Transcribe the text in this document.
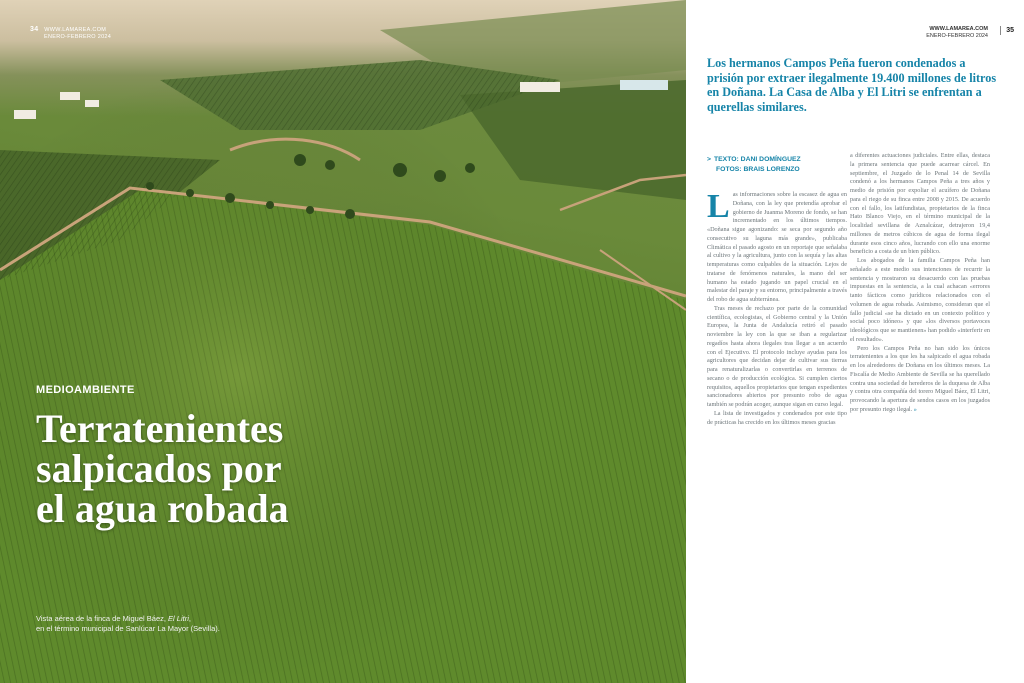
34 WWW.LAMAREA.COM
ENERO-FEBRERO 2024
MEDIOAMBIENTE
Terratenientes
salpicados por
el agua robada
Vista aérea de la finca de Miguel Báez, El Litri,
en el término municipal de Sanlúcar La Mayor (Sevilla).
WWW.LAMAREA.COM
ENERO-FEBRERO 2024
35

Los hermanos Campos Peña fueron condenados a prisión por extraer ilegalmente 19.400 millones de litros en Doñana. La Casa de Alba y El Litri se enfrentan a querellas similares.

> TEXTO: DANI DOMÍNGUEZ
FOTOS: BRAIS LORENZO

Las informaciones sobre la escasez de agua en Doñana, con la ley que pretendía aprobar el gobierno de Juanma Moreno de fondo, se han incrementado en los últimos tiempos. «Doñana sigue agonizando: se seca por segundo año consecutivo su laguna más grande», publicaba Climática el pasado agosto en un reportaje que señalaba al cultivo y la agricultura, junto con la sequía y las altas temperaturas como culpables de la situación. Lejos de tratarse de fenómenos naturales, la mano del ser humano ha estado jugando un papel crucial en el malestar del paraje y su entorno, principalmente a través del robo de agua subterránea.

Tras meses de rechazo por parte de la comunidad científica, ecologistas, el Gobierno central y la Unión Europea, la Junta de Andalucía retiró el pasado noviembre la ley con la que se iban a regularizar regadíos hasta ahora ilegales tras llegar a un acuerdo con el Ejecutivo. El protocolo incluye ayudas para los agricultores que decidan dejar de cultivar sus tierras para renaturalizarlas o convertirlas en terrenos de secano o de producción ecológica. Si cumplen ciertos requisitos, aquellos propietarios que tengan expedientes sancionadores abiertos por presunto robo de agua también se podrán acoger, aunque sigan en curso legal.

La lista de investigados y condenados por este tipo de prácticas ha crecido en los últimos meses gracias

a diferentes actuaciones judiciales. Entre ellas, destaca la primera sentencia que puede acarrear cárcel. En septiembre, el Juzgado de lo Penal 14 de Sevilla condenó a los hermanos Campos Peña a tres años y medio de prisión por expoliar el acuífero de Doñana para el riego de su finca entre 2008 y 2015. De acuerdo con el fallo, los latifundistas, propietarios de la finca Hato Blanco Viejo, en el término municipal de la localidad sevillana de Aznalcázar, detrajeron 19,4 millones de metros cúbicos de agua de forma ilegal durante esos cinco años, lucrando con ello una enorme beneficio a costa de un bien público.

Los abogados de la familia Campos Peña han señalado a este medio sus intenciones de recurrir la sentencia y mostraron su desacuerdo con las pruebas impuestas en la sentencia, a la cual achacan «errores tanto fácticos como jurídicos relacionados con el volumen de agua robada. Asimismo, consideran que el fallo judicial «se ha dictado en un contexto político y social poco idóneo» y que «los diversos portavoces ideológicos que se mantienen» han podido «interferir en el resultado».

Pero los Campos Peña no han sido los únicos terratenientes a los que les ha salpicado el agua robada en los alrededores de Doñana en los últimos meses. La Fiscalía de Medio Ambiente de Sevilla se ha querellado contra una sociedad de herederos de la duquesa de Alba y contra otra compañía del torero Miguel Báez, El Litri, provocando la apertura de sendos casos en los juzgados por presunto riego ilegal. »
